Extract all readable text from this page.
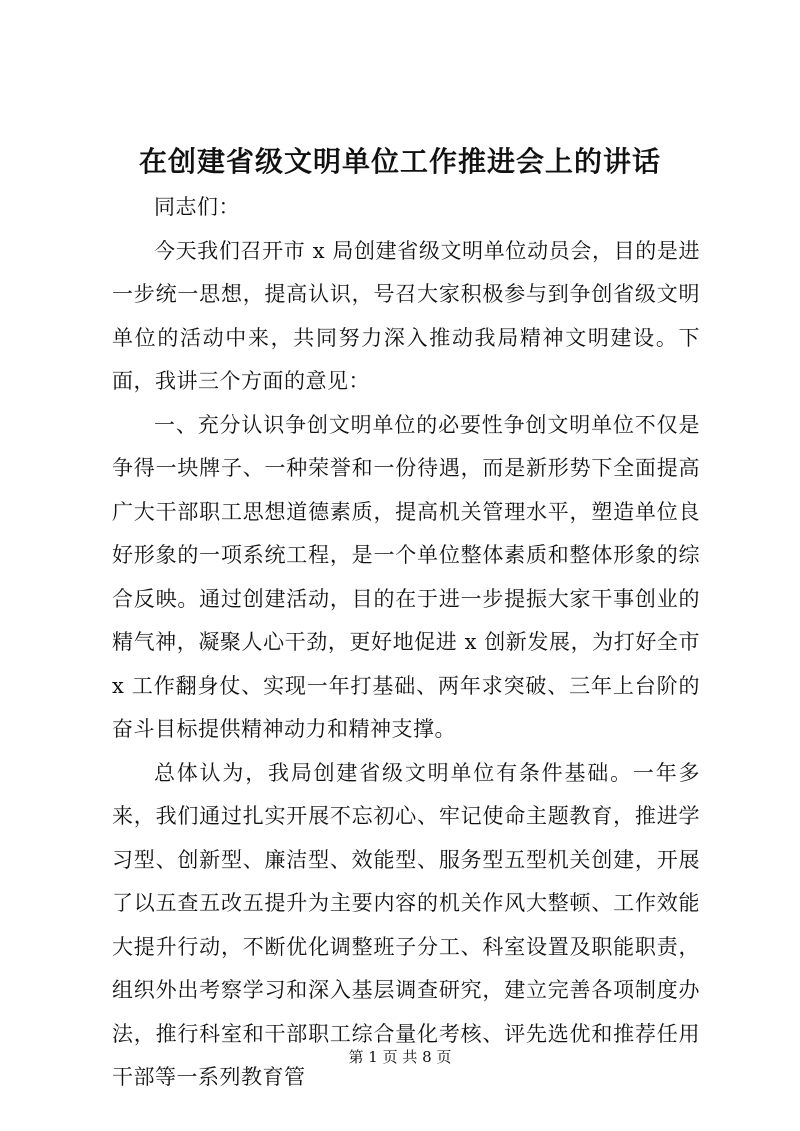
在创建省级文明单位工作推进会上的讲话

同志们：

今天我们召开市 x 局创建省级文明单位动员会，目的是进一步统一思想，提高认识，号召大家积极参与到争创省级文明单位的活动中来，共同努力深入推动我局精神文明建设。下面，我讲三个方面的意见：

一、充分认识争创文明单位的必要性争创文明单位不仅是争得一块牌子、一种荣誉和一份待遇，而是新形势下全面提高广大干部职工思想道德素质，提高机关管理水平，塑造单位良好形象的一项系统工程，是一个单位整体素质和整体形象的综合反映。通过创建活动，目的在于进一步提振大家干事创业的精气神，凝聚人心干劲，更好地促进 x 创新发展，为打好全市 x 工作翻身仗、实现一年打基础、两年求突破、三年上台阶的奋斗目标提供精神动力和精神支撑。

总体认为，我局创建省级文明单位有条件基础。一年多来，我们通过扎实开展不忘初心、牢记使命主题教育，推进学习型、创新型、廉洁型、效能型、服务型五型机关创建，开展了以五查五改五提升为主要内容的机关作风大整顿、工作效能大提升行动，不断优化调整班子分工、科室设置及职能职责，组织外出考察学习和深入基层调查研究，建立完善各项制度办法，推行科室和干部职工综合量化考核、评先选优和推荐任用干部等一系列教育管

第 1 页 共 8 页
